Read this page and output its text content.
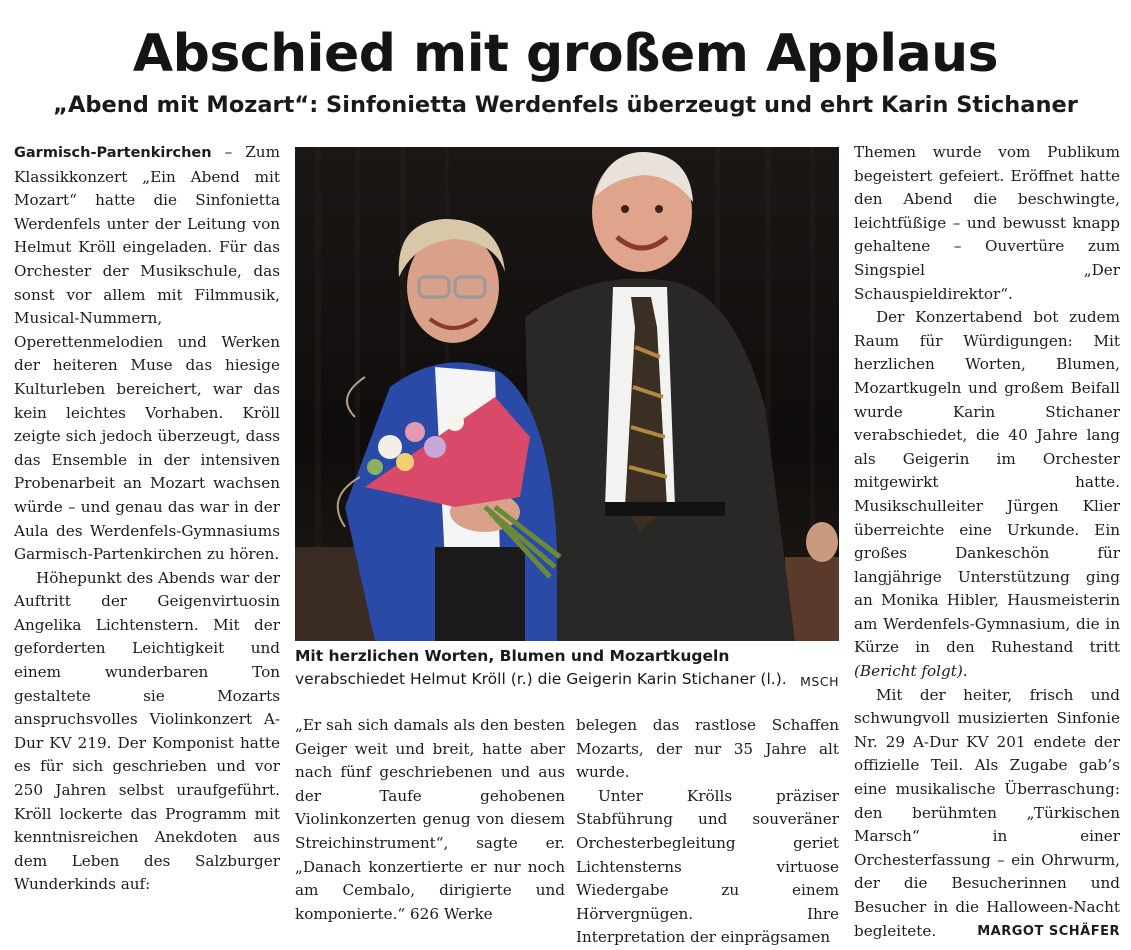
Abschied mit großem Applaus
„Abend mit Mozart“: Sinfonietta Werdenfels überzeugt und ehrt Karin Stichaner

Garmisch-Partenkirchen – Zum Klassikkonzert „Ein Abend mit Mozart“ hatte die Sinfonietta Werdenfels unter der Leitung von Helmut Kröll eingeladen. Für das Orchester der Musikschule, das sonst vor allem mit Filmmusik, Musical-Nummern, Operettenmelodien und Werken der heiteren Muse das hiesige Kulturleben bereichert, war das kein leichtes Vorhaben. Kröll zeigte sich jedoch überzeugt, dass das Ensemble in der intensiven Probenarbeit an Mozart wachsen würde – und genau das war in der Aula des Werdenfels-Gymnasiums Garmisch-Partenkirchen zu hören.

Höhepunkt des Abends war der Auftritt der Geigenvirtuosin Angelika Lichtenstern. Mit der geforderten Leichtigkeit und einem wunderbaren Ton gestaltete sie Mozarts anspruchsvolles Violinkonzert A-Dur KV 219. Der Komponist hatte es für sich geschrieben und vor 250 Jahren selbst uraufgeführt. Kröll lockerte das Programm mit kenntnisreichen Anekdoten aus dem Leben des Salzburger Wunderkinds auf:

Mit herzlichen Worten, Blumen und Mozartkugeln verabschiedet Helmut Kröll (r.) die Geigerin Karin Stichaner (l.). MSCH

„Er sah sich damals als den besten Geiger weit und breit, hatte aber nach fünf geschriebenen und aus der Taufe gehobenen Violinkonzerten genug von diesem Streichinstrument“, sagte er. „Danach konzertierte er nur noch am Cembalo, dirigierte und komponierte.“ 626 Werke

belegen das rastlose Schaffen Mozarts, der nur 35 Jahre alt wurde.

Unter Krölls präziser Stabführung und souveräner Orchesterbegleitung geriet Lichtensterns virtuose Wiedergabe zu einem Hörvergnügen. Ihre Interpretation der einprägsamen

Themen wurde vom Publikum begeistert gefeiert. Eröffnet hatte den Abend die beschwingte, leichtfüßige – und bewusst knapp gehaltene – Ouvertüre zum Singspiel „Der Schauspieldirektor“.

Der Konzertabend bot zudem Raum für Würdigungen: Mit herzlichen Worten, Blumen, Mozartkugeln und großem Beifall wurde Karin Stichaner verabschiedet, die 40 Jahre lang als Geigerin im Orchester mitgewirkt hatte. Musikschulleiter Jürgen Klier überreichte eine Urkunde. Ein großes Dankeschön für langjährige Unterstützung ging an Monika Hibler, Hausmeisterin am Werdenfels-Gymnasium, die in Kürze in den Ruhestand tritt (Bericht folgt).

Mit der heiter, frisch und schwungvoll musizierten Sinfonie Nr. 29 A-Dur KV 201 endete der offizielle Teil. Als Zugabe gab’s eine musikalische Überraschung: den berühmten „Türkischen Marsch“ in einer Orchesterfassung – ein Ohrwurm, der die Besucherinnen und Besucher in die Halloween-Nacht begleitete.	MARGOT SCHÄFER
